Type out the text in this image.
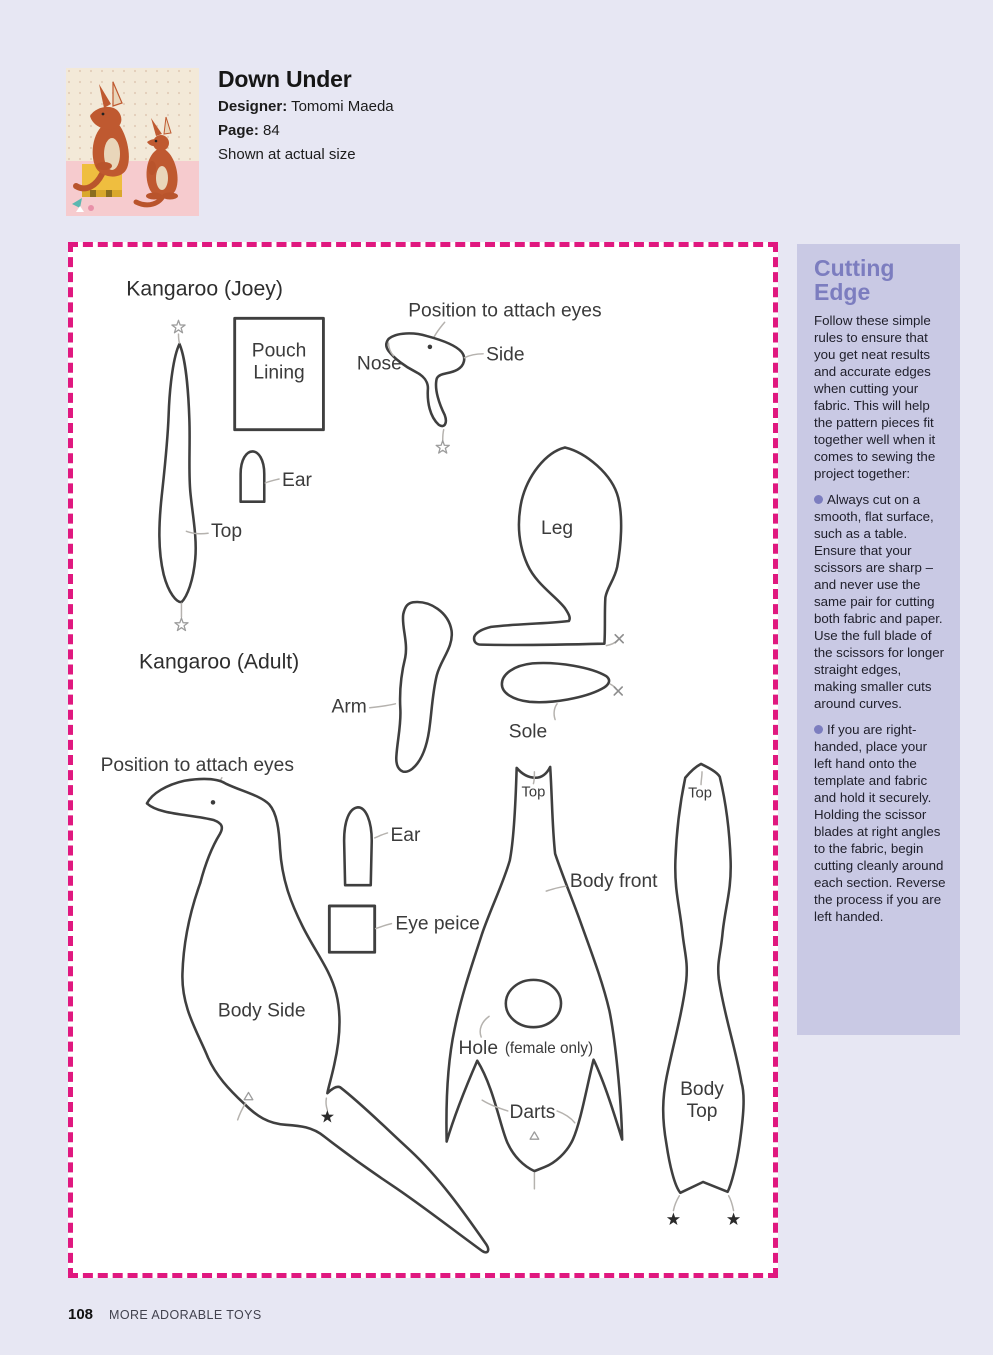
Down Under

Designer: Tomomi Maeda

Page: 84

Shown at actual size

Kangaroo (Joey)
Kangaroo (Adult)
Top
Pouch
Lining
Ear
Position to attach eyes
Nose	Side
Leg
Sole
Arm
Position to attach eyes
Body Side
Ear
Eye peice
Top
Body front
Hole (female only)
Darts
Top
Body
Top
Cutting Edge

Follow these simple rules to ensure that you get neat results and accurate edges when cutting your fabric. This will help the pattern pieces fit together well when it comes to sewing the project together:

Always cut on a smooth, flat surface, such as a table. Ensure that your scissors are sharp – and never use the same pair for cutting both fabric and paper. Use the full blade of the scissors for longer straight edges, making smaller cuts around curves.

If you are right-handed, place your left hand onto the template and fabric and hold it securely. Holding the scissor blades at right angles to the fabric, begin cutting cleanly around each section. Reverse the process if you are left handed.

108 MORE ADORABLE TOYS
